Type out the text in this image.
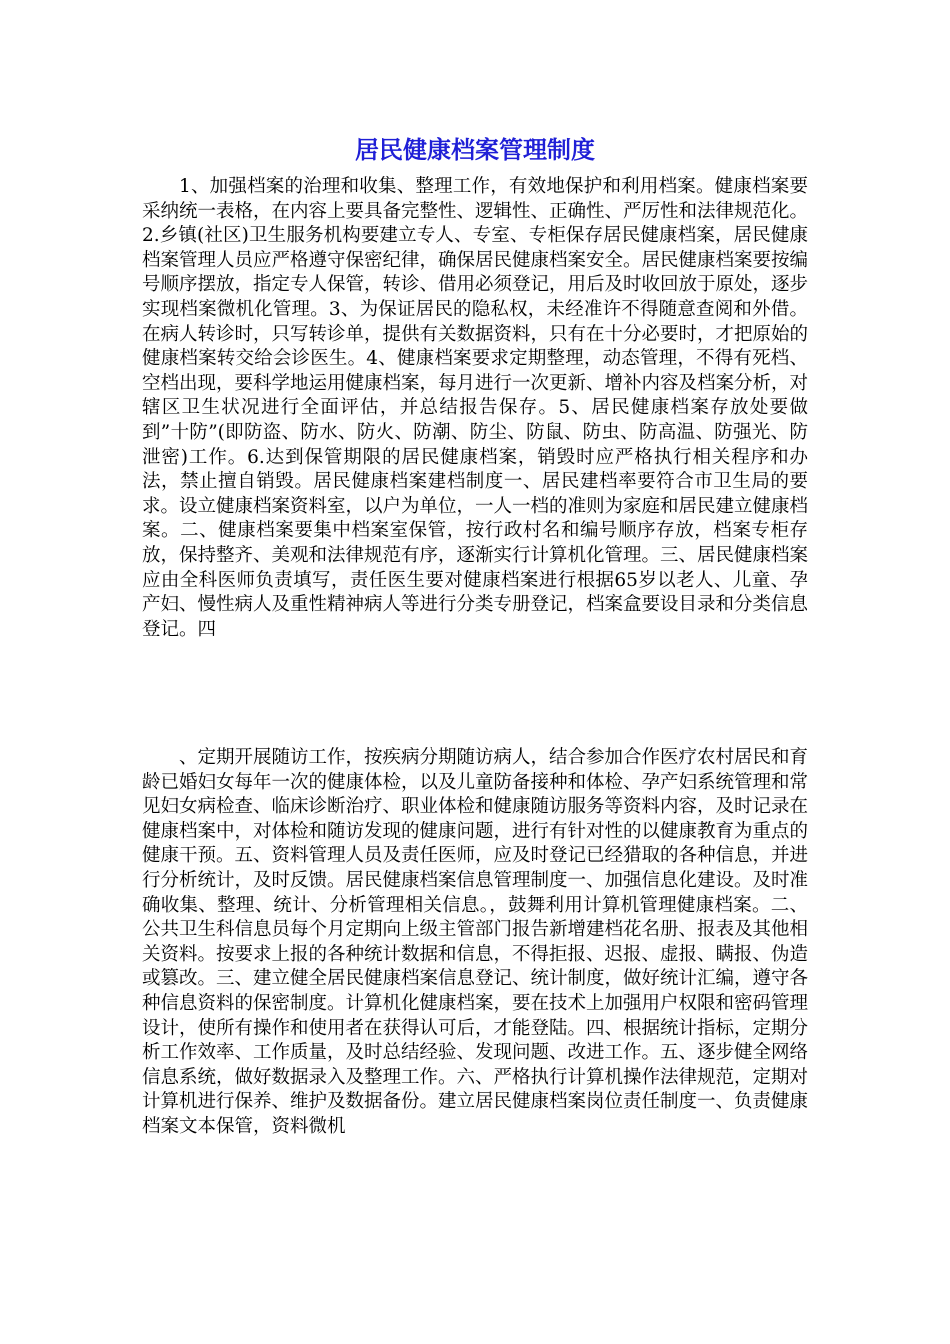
居民健康档案管理制度

1、加强档案的治理和收集、整理工作，有效地保护和利用档案。健康档案要采纳统一表格，在内容上要具备完整性、逻辑性、正确性、严厉性和法律规范化。2.乡镇(社区)卫生服务机构要建立专人、专室、专柜保存居民健康档案，居民健康档案管理人员应严格遵守保密纪律，确保居民健康档案安全。居民健康档案要按编号顺序摆放，指定专人保管，转诊、借用必须登记，用后及时收回放于原处，逐步实现档案微机化管理。3、为保证居民的隐私权，未经准许不得随意查阅和外借。在病人转诊时，只写转诊单，提供有关数据资料，只有在十分必要时，才把原始的健康档案转交给会诊医生。4、健康档案要求定期整理，动态管理，不得有死档、空档出现，要科学地运用健康档案，每月进行一次更新、增补内容及档案分析，对辖区卫生状况进行全面评估，并总结报告保存。5、居民健康档案存放处要做到”十防”(即防盗、防水、防火、防潮、防尘、防鼠、防虫、防高温、防强光、防泄密)工作。6.达到保管期限的居民健康档案，销毁时应严格执行相关程序和办法，禁止擅自销毁。居民健康档案建档制度一、居民建档率要符合市卫生局的要求。设立健康档案资料室，以户为单位，一人一档的准则为家庭和居民建立健康档案。二、健康档案要集中档案室保管，按行政村名和编号顺序存放，档案专柜存放，保持整齐、美观和法律规范有序，逐渐实行计算机化管理。三、居民健康档案应由全科医师负责填写，责任医生要对健康档案进行根据65岁以老人、儿童、孕产妇、慢性病人及重性精神病人等进行分类专册登记，档案盒要设目录和分类信息登记。四

、定期开展随访工作，按疾病分期随访病人，结合参加合作医疗农村居民和育龄已婚妇女每年一次的健康体检，以及儿童防备接种和体检、孕产妇系统管理和常见妇女病检查、临床诊断治疗、职业体检和健康随访服务等资料内容，及时记录在健康档案中，对体检和随访发现的健康问题，进行有针对性的以健康教育为重点的健康干预。五、资料管理人员及责任医师，应及时登记已经猎取的各种信息，并进行分析统计，及时反馈。居民健康档案信息管理制度一、加强信息化建设。及时准确收集、整理、统计、分析管理相关信息。，鼓舞利用计算机管理健康档案。二、公共卫生科信息员每个月定期向上级主管部门报告新增建档花名册、报表及其他相关资料。按要求上报的各种统计数据和信息，不得拒报、迟报、虚报、瞒报、伪造或篡改。三、建立健全居民健康档案信息登记、统计制度，做好统计汇编，遵守各种信息资料的保密制度。计算机化健康档案，要在技术上加强用户权限和密码管理设计，使所有操作和使用者在获得认可后，才能登陆。四、根据统计指标，定期分析工作效率、工作质量，及时总结经验、发现问题、改进工作。五、逐步健全网络信息系统，做好数据录入及整理工作。六、严格执行计算机操作法律规范，定期对计算机进行保养、维护及数据备份。建立居民健康档案岗位责任制度一、负责健康档案文本保管，资料微机
